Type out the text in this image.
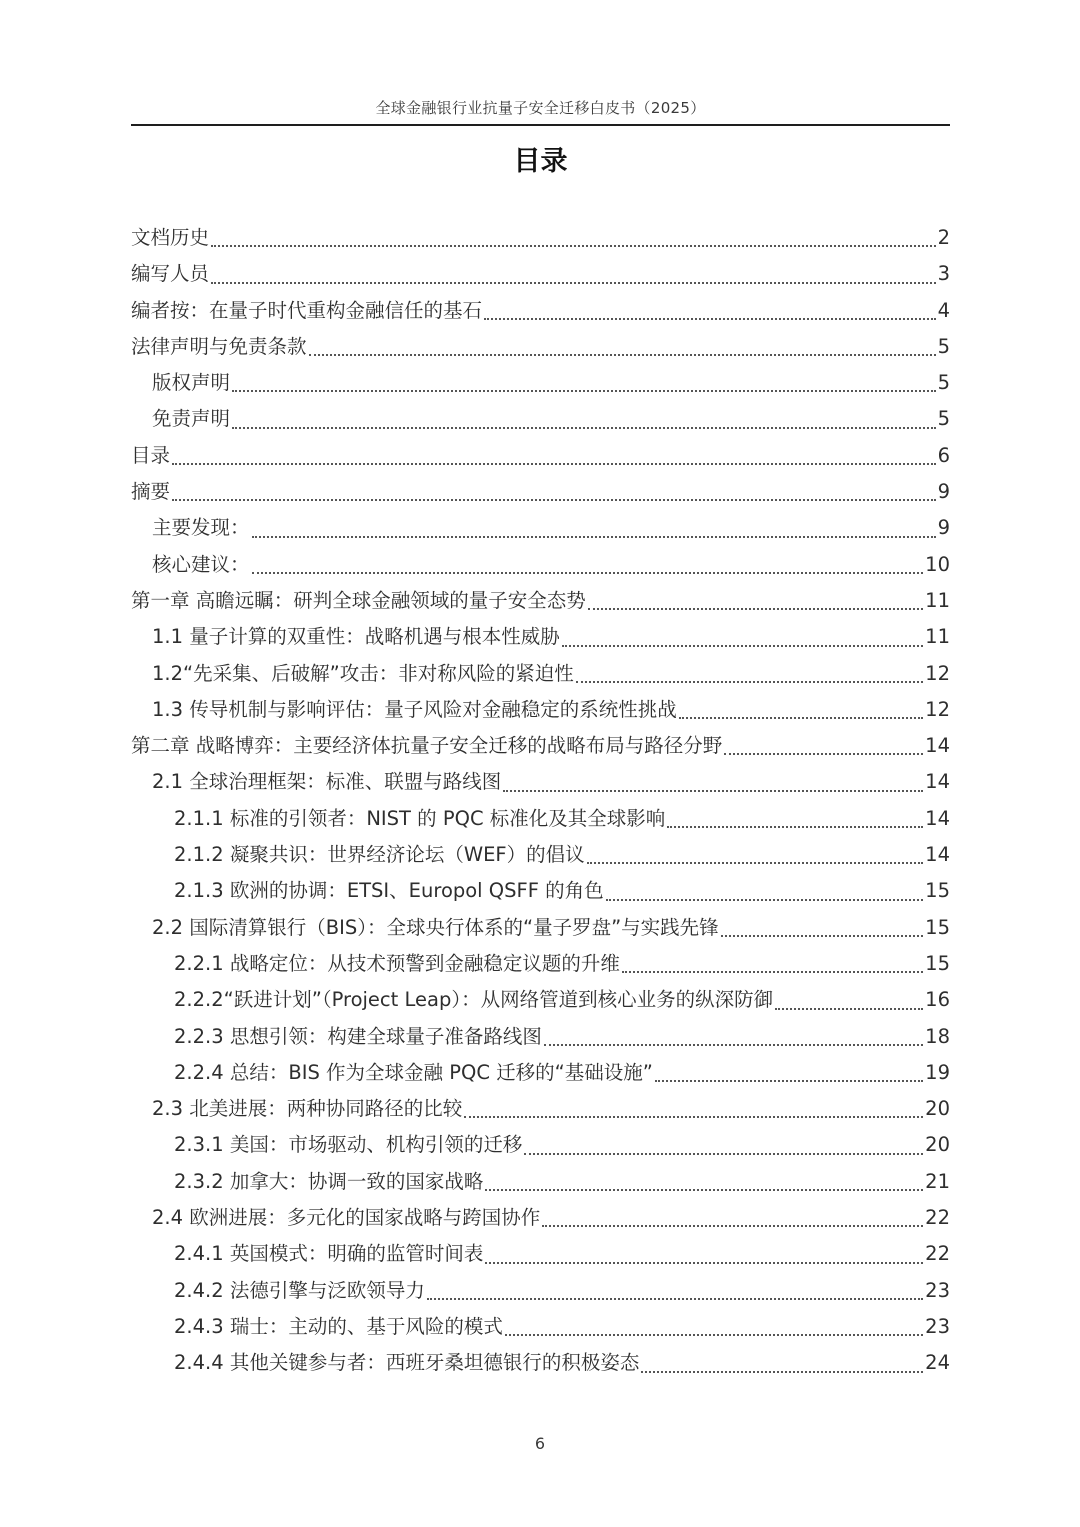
全球金融银行业抗量子安全迁移白皮书（2025）
目录
文档历史	2
编写人员	3
编者按：在量子时代重构金融信任的基石	4
法律声明与免责条款	5
版权声明	5
免责声明	5
目录	6
摘要	9
主要发现：	9
核心建议：	10
第一章 高瞻远瞩：研判全球金融领域的量子安全态势	11
1.1 量子计算的双重性：战略机遇与根本性威胁	11
1.2“先采集、后破解”攻击：非对称风险的紧迫性	12
1.3 传导机制与影响评估：量子风险对金融稳定的系统性挑战	12
第二章 战略博弈：主要经济体抗量子安全迁移的战略布局与路径分野	14
2.1 全球治理框架：标准、联盟与路线图	14
2.1.1 标准的引领者：NIST 的 PQC 标准化及其全球影响	14
2.1.2 凝聚共识：世界经济论坛（WEF）的倡议	14
2.1.3 欧洲的协调：ETSI、Europol QSFF 的角色	15
2.2 国际清算银行（BIS）：全球央行体系的“量子罗盘”与实践先锋	15
2.2.1 战略定位：从技术预警到金融稳定议题的升维	15
2.2.2“跃进计划”（Project Leap）：从网络管道到核心业务的纵深防御	16
2.2.3 思想引领：构建全球量子准备路线图	18
2.2.4 总结：BIS 作为全球金融 PQC 迁移的“基础设施”	19
2.3 北美进展：两种协同路径的比较	20
2.3.1 美国：市场驱动、机构引领的迁移	20
2.3.2 加拿大：协调一致的国家战略	21
2.4 欧洲进展：多元化的国家战略与跨国协作	22
2.4.1 英国模式：明确的监管时间表	22
2.4.2 法德引擎与泛欧领导力	23
2.4.3 瑞士：主动的、基于风险的模式	23
2.4.4 其他关键参与者：西班牙桑坦德银行的积极姿态	24
6
